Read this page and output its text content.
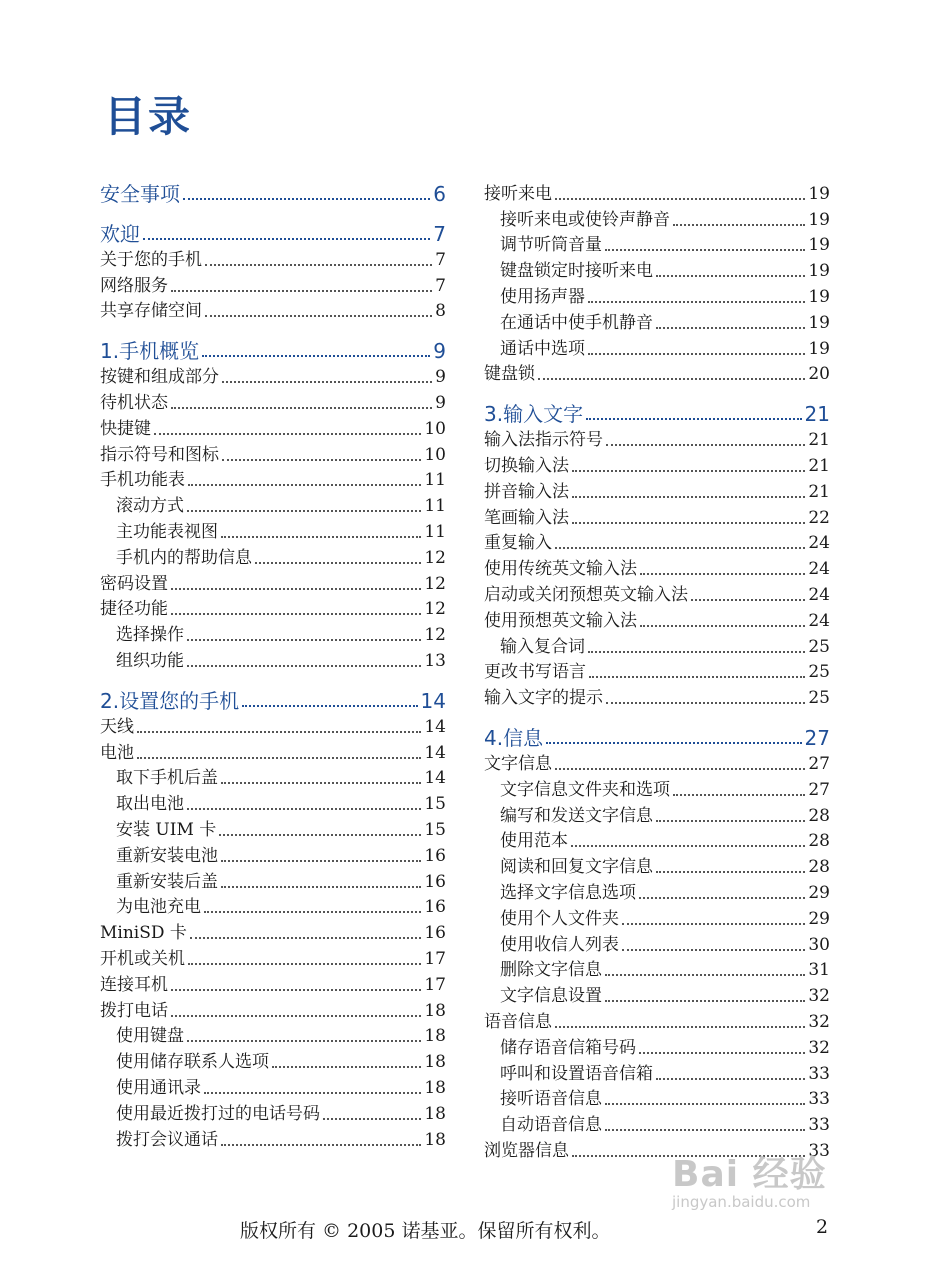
目录
安全事项	6
欢迎	7
关于您的手机	7
网络服务	7
共享存储空间	8
1.手机概览	9
按键和组成部分	9
待机状态	9
快捷键	10
指示符号和图标	10
手机功能表	11
滚动方式	11
主功能表视图	11
手机内的帮助信息	12
密码设置	12
捷径功能	12
选择操作	12
组织功能	13
2.设置您的手机	14
天线	14
电池	14
取下手机后盖	14
取出电池	15
安装 UIM 卡	15
重新安装电池	16
重新安装后盖	16
为电池充电	16
MiniSD 卡	16
开机或关机	17
连接耳机	17
拨打电话	18
使用键盘	18
使用储存联系人选项	18
使用通讯录	18
使用最近拨打过的电话号码	18
拨打会议通话	18
接听来电	19
接听来电或使铃声静音	19
调节听筒音量	19
键盘锁定时接听来电	19
使用扬声器	19
在通话中使手机静音	19
通话中选项	19
键盘锁	20
3.输入文字	21
输入法指示符号	21
切换输入法	21
拼音输入法	21
笔画输入法	22
重复输入	24
使用传统英文输入法	24
启动或关闭预想英文输入法	24
使用预想英文输入法	24
输入复合词	25
更改书写语言	25
输入文字的提示	25
4.信息	27
文字信息	27
文字信息文件夹和选项	27
编写和发送文字信息	28
使用范本	28
阅读和回复文字信息	28
选择文字信息选项	29
使用个人文件夹	29
使用收信人列表	30
删除文字信息	31
文字信息设置	32
语音信息	32
储存语音信箱号码	32
呼叫和设置语音信箱	33
接听语音信息	33
自动语音信息	33
浏览器信息	33
版权所有 © 2005 诺基亚。保留所有权利。	2
Bai 经验
jingyan.baidu.com
